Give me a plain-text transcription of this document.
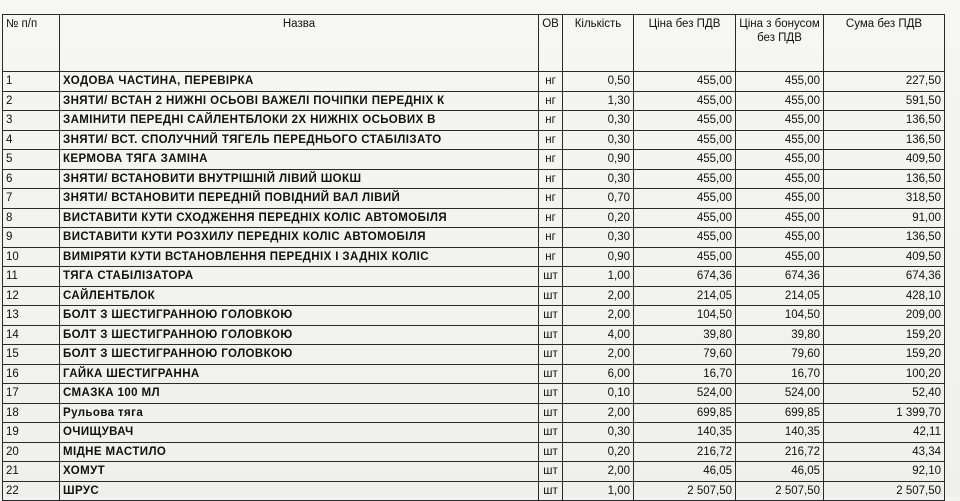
№ п/п	Назва	ОВ	Кількість	Ціна без ПДВ	Ціна з бонусом без ПДВ	Сума без ПДВ
1	ХОДОВА ЧАСТИНА, ПЕРЕВІРКА	нг	0,50	455,00	455,00	227,50
2	ЗНЯТИ/ ВСТАН 2 НИЖНІ ОСЬОВІ ВАЖЕЛІ ПОЧІПКИ ПЕРЕДНІХ К	нг	1,30	455,00	455,00	591,50
3	ЗАМІНИТИ ПЕРЕДНІ САЙЛЕНТБЛОКИ 2Х НИЖНІХ ОСЬОВИХ В	нг	0,30	455,00	455,00	136,50
4	ЗНЯТИ/ ВСТ. СПОЛУЧНИЙ ТЯГЕЛЬ ПЕРЕДНЬОГО СТАБІЛІЗАТО	нг	0,30	455,00	455,00	136,50
5	КЕРМОВА ТЯГА ЗАМІНА	нг	0,90	455,00	455,00	409,50
6	ЗНЯТИ/ ВСТАНОВИТИ ВНУТРІШНІЙ ЛІВИЙ ШОКШ	нг	0,30	455,00	455,00	136,50
7	ЗНЯТИ/ ВСТАНОВИТИ ПЕРЕДНІЙ ПОВІДНИЙ ВАЛ ЛІВИЙ	нг	0,70	455,00	455,00	318,50
8	ВИСТАВИТИ КУТИ СХОДЖЕННЯ ПЕРЕДНІХ КОЛІС АВТОМОБІЛЯ	нг	0,20	455,00	455,00	91,00
9	ВИСТАВИТИ КУТИ РОЗХИЛУ ПЕРЕДНІХ КОЛІС АВТОМОБІЛЯ	нг	0,30	455,00	455,00	136,50
10	ВИМІРЯТИ КУТИ ВСТАНОВЛЕННЯ ПЕРЕДНІХ І ЗАДНІХ КОЛІС	нг	0,90	455,00	455,00	409,50
11	ТЯГА СТАБІЛІЗАТОРА	шт	1,00	674,36	674,36	674,36
12	САЙЛЕНТБЛОК	шт	2,00	214,05	214,05	428,10
13	БОЛТ З ШЕСТИГРАННОЮ ГОЛОВКОЮ	шт	2,00	104,50	104,50	209,00
14	БОЛТ З ШЕСТИГРАННОЮ ГОЛОВКОЮ	шт	4,00	39,80	39,80	159,20
15	БОЛТ З ШЕСТИГРАННОЮ ГОЛОВКОЮ	шт	2,00	79,60	79,60	159,20
16	ГАЙКА ШЕСТИГРАННА	шт	6,00	16,70	16,70	100,20
17	СМАЗКА 100 МЛ	шт	0,10	524,00	524,00	52,40
18	Рульова тяга	шт	2,00	699,85	699,85	1 399,70
19	ОЧИЩУВАЧ	шт	0,30	140,35	140,35	42,11
20	МІДНЕ МАСТИЛО	шт	0,20	216,72	216,72	43,34
21	ХОМУТ	шт	2,00	46,05	46,05	92,10
22	ШРУС	шт	1,00	2 507,50	2 507,50	2 507,50
